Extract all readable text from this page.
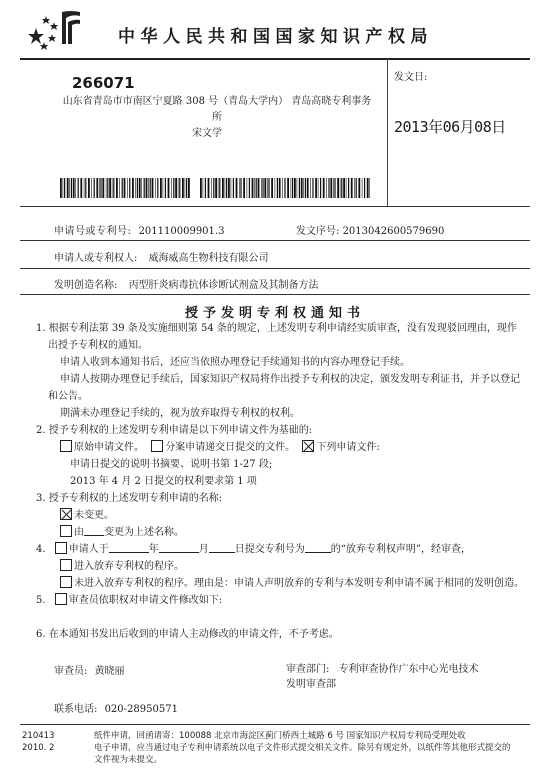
中华人民共和国国家知识产权局
266071
山东省青岛市市南区宁夏路 308 号（青岛大学内） 青岛高晓专利事务所
宋文学
发文日:
2013年06月08日
申请号或专利号: 201110009901.3	发文序号: 2013042600579690
申请人或专利权人: 威海威高生物科技有限公司
发明创造名称: 丙型肝炎病毒抗体诊断试剂盒及其制备方法
授予发明专利权通知书
1. 根据专利法第 39 条及实施细则第 54 条的规定，上述发明专利申请经实质审查，没有发现驳回理由，现作
出授予专利权的通知。
申请人收到本通知书后，还应当依照办理登记手续通知书的内容办理登记手续。
申请人按期办理登记手续后，国家知识产权局将作出授予专利权的决定，颁发发明专利证书，并予以登记
和公告。
期满未办理登记手续的，视为放弃取得专利权的权利。
2. 授予专利权的上述发明专利申请是以下列申请文件为基础的:
原始申请文件。 分案申请递交日提交的文件。 下列申请文件:
申请日提交的说明书摘要、说明书第 1-27 段;
2013 年 4 月 2 日提交的权利要求第 1 项
3. 授予专利权的上述发明专利申请的名称:
未变更。
由 变更为上述名称。
4. 申请人于	年	月	日提交专利号为	的“放弃专利权声明”，经审查，
进入放弃专利权的程序。
未进入放弃专利权的程序。理由是：申请人声明放弃的专利与本发明专利申请不属于相同的发明创造。
5. 审查员依职权对申请文件修改如下:
6. 在本通知书发出后收到的申请人主动修改的申请文件，不予考虑。
审查员: 黄晓丽
联系电话: 020-28950571
审查部门: 专利审查协作广东中心光电技术
发明审查部
210413
2010. 2
纸件申请，回函请寄：100088 北京市海淀区蓟门桥西土城路 6 号 国家知识产权局专利局受理处收
电子申请，应当通过电子专利申请系统以电子文件形式提交相关文件。除另有规定外，以纸件等其他形式提交的
文件视为未提交。
